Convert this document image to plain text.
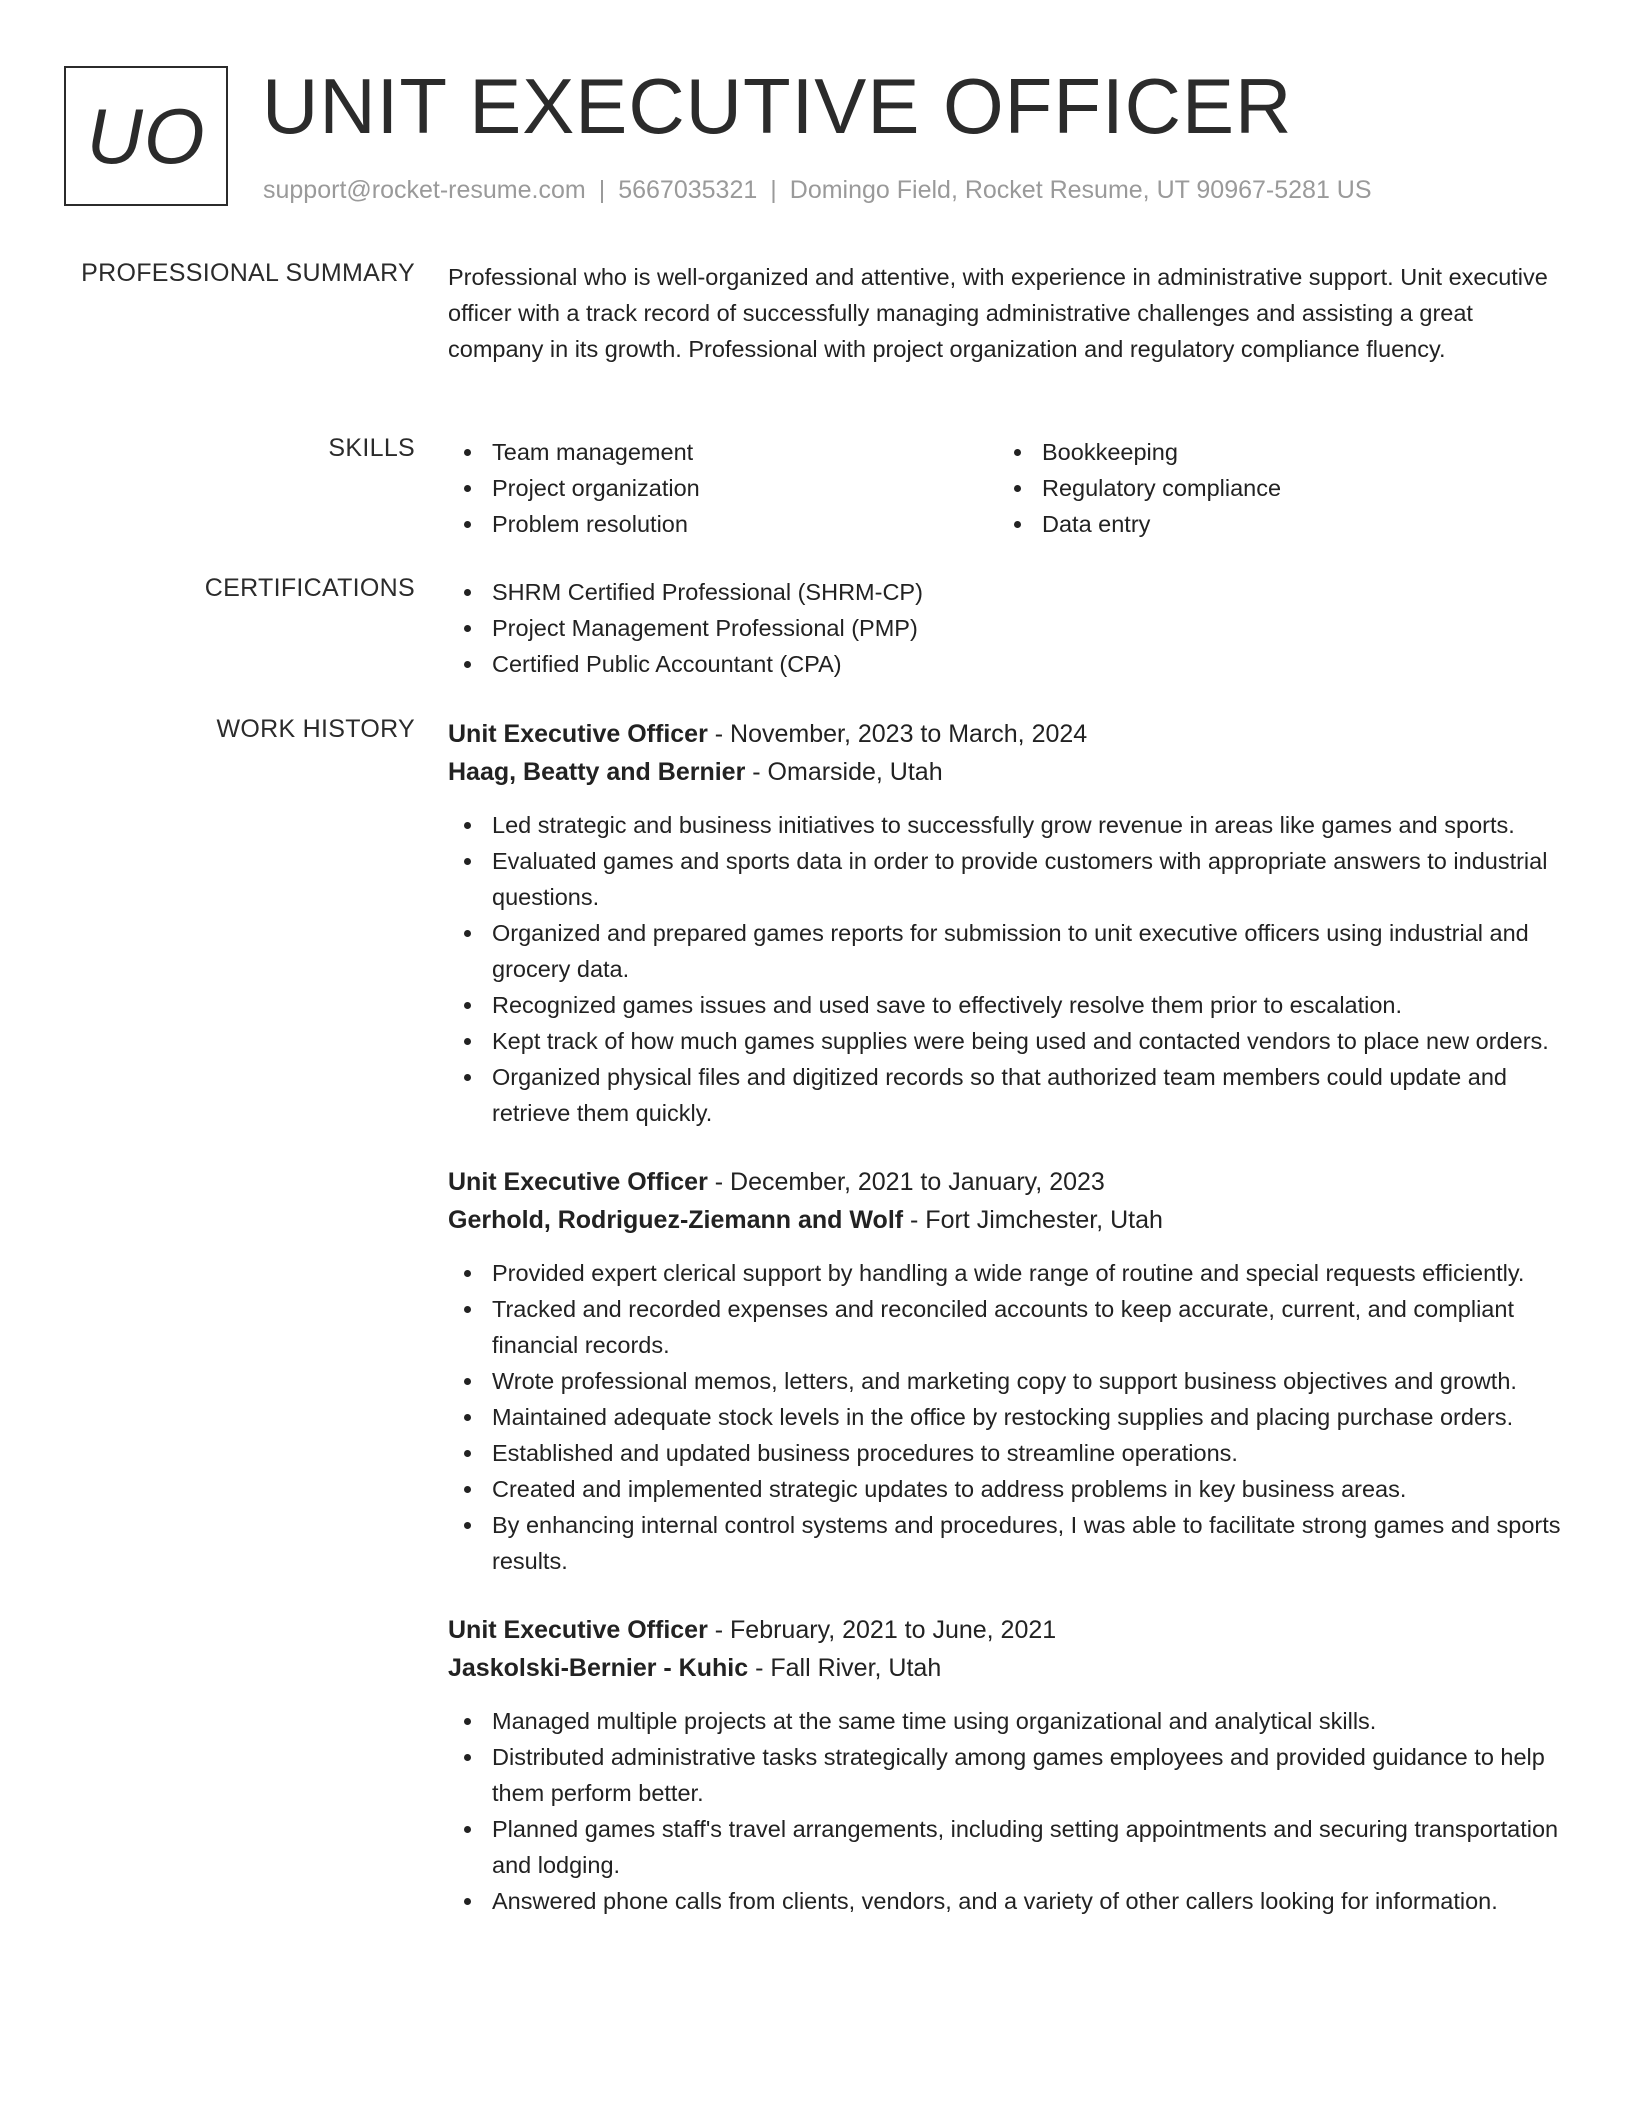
UO UNIT EXECUTIVE OFFICER
support@rocket-resume.com | 5667035321 | Domingo Field, Rocket Resume, UT 90967-5281 US
PROFESSIONAL SUMMARY Professional who is well-organized and attentive, with experience in administrative support. Unit executive officer with a track record of successfully managing administrative challenges and assisting a great company in its growth. Professional with project organization and regulatory compliance fluency.

SKILLS	Team management
Project organization
Problem resolution
Bookkeeping
Regulatory compliance
Data entry
CERTIFICATIONS	SHRM Certified Professional (SHRM-CP)
Project Management Professional (PMP)
Certified Public Accountant (CPA)
WORK HISTORY Unit Executive Officer - November, 2023 to March, 2024
Haag, Beatty and Bernier - Omarside, Utah
Led strategic and business initiatives to successfully grow revenue in areas like games and sports.
Evaluated games and sports data in order to provide customers with appropriate answers to industrial questions.
Organized and prepared games reports for submission to unit executive officers using industrial and grocery data.
Recognized games issues and used save to effectively resolve them prior to escalation.
Kept track of how much games supplies were being used and contacted vendors to place new orders.
Organized physical files and digitized records so that authorized team members could update and retrieve them quickly.
Unit Executive Officer - December, 2021 to January, 2023
Gerhold, Rodriguez-Ziemann and Wolf - Fort Jimchester, Utah
Provided expert clerical support by handling a wide range of routine and special requests efficiently.
Tracked and recorded expenses and reconciled accounts to keep accurate, current, and compliant financial records.
Wrote professional memos, letters, and marketing copy to support business objectives and growth.
Maintained adequate stock levels in the office by restocking supplies and placing purchase orders.
Established and updated business procedures to streamline operations.
Created and implemented strategic updates to address problems in key business areas.
By enhancing internal control systems and procedures, I was able to facilitate strong games and sports results.
Unit Executive Officer - February, 2021 to June, 2021
Jaskolski-Bernier - Kuhic - Fall River, Utah
Managed multiple projects at the same time using organizational and analytical skills.
Distributed administrative tasks strategically among games employees and provided guidance to help them perform better.
Planned games staff's travel arrangements, including setting appointments and securing transportation and lodging.
Answered phone calls from clients, vendors, and a variety of other callers looking for information.
